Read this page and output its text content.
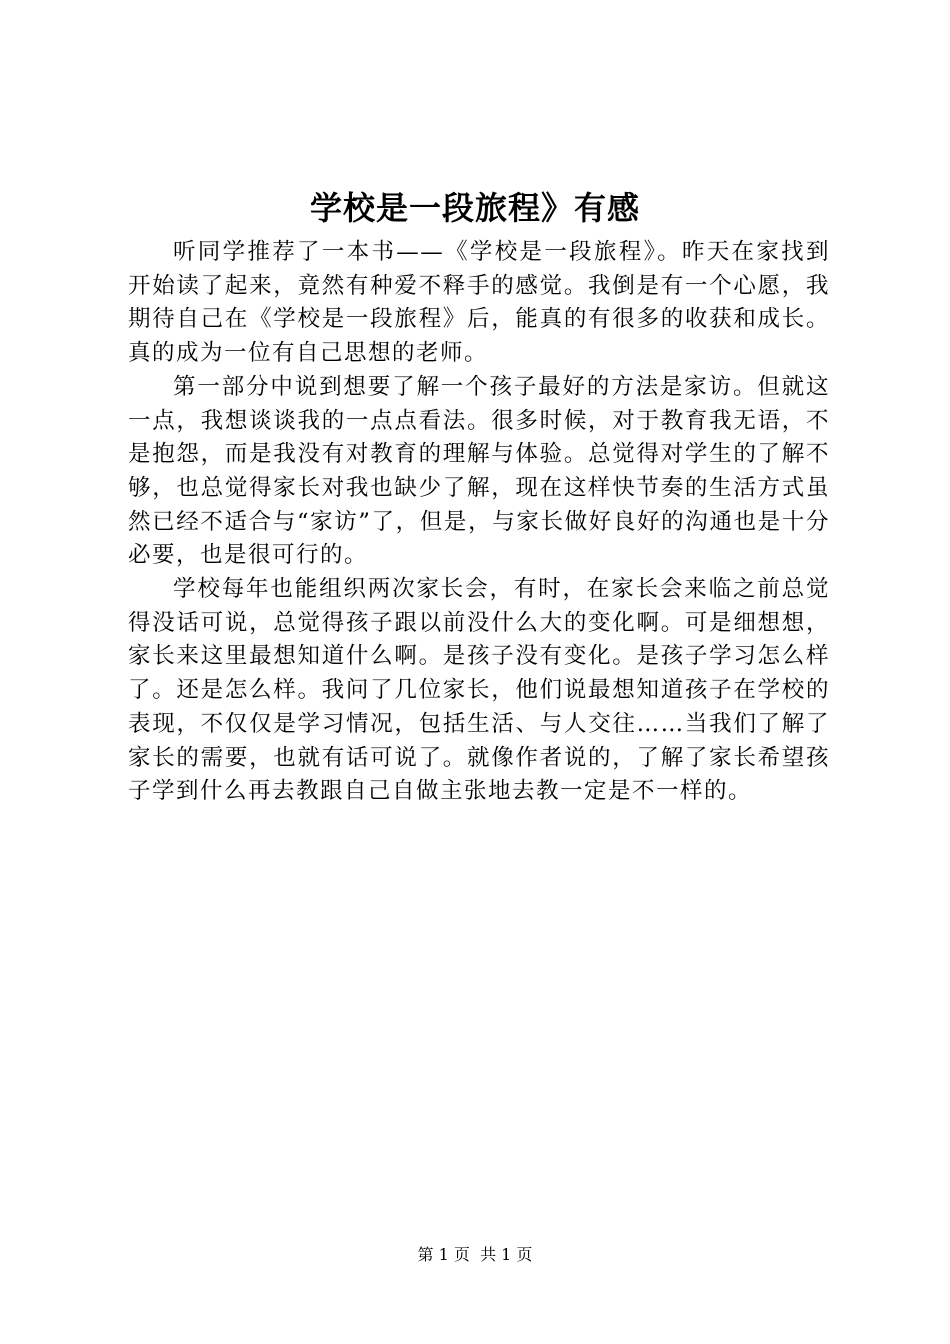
学校是一段旅程》有感

听同学推荐了一本书——《学校是一段旅程》。昨天在家找到开始读了起来，竟然有种爱不释手的感觉。我倒是有一个心愿，我期待自己在《学校是一段旅程》后，能真的有很多的收获和成长。真的成为一位有自己思想的老师。

第一部分中说到想要了解一个孩子最好的方法是家访。但就这一点，我想谈谈我的一点点看法。很多时候，对于教育我无语，不是抱怨，而是我没有对教育的理解与体验。总觉得对学生的了解不够，也总觉得家长对我也缺少了解，现在这样快节奏的生活方式虽然已经不适合与“家访”了，但是，与家长做好良好的沟通也是十分必要，也是很可行的。

学校每年也能组织两次家长会，有时，在家长会来临之前总觉得没话可说，总觉得孩子跟以前没什么大的变化啊。可是细想想，家长来这里最想知道什么啊。是孩子没有变化。是孩子学习怎么样了。还是怎么样。我问了几位家长，他们说最想知道孩子在学校的表现，不仅仅是学习情况，包括生活、与人交往……当我们了解了家长的需要，也就有话可说了。就像作者说的，了解了家长希望孩子学到什么再去教跟自己自做主张地去教一定是不一样的。

第 1 页  共 1 页
